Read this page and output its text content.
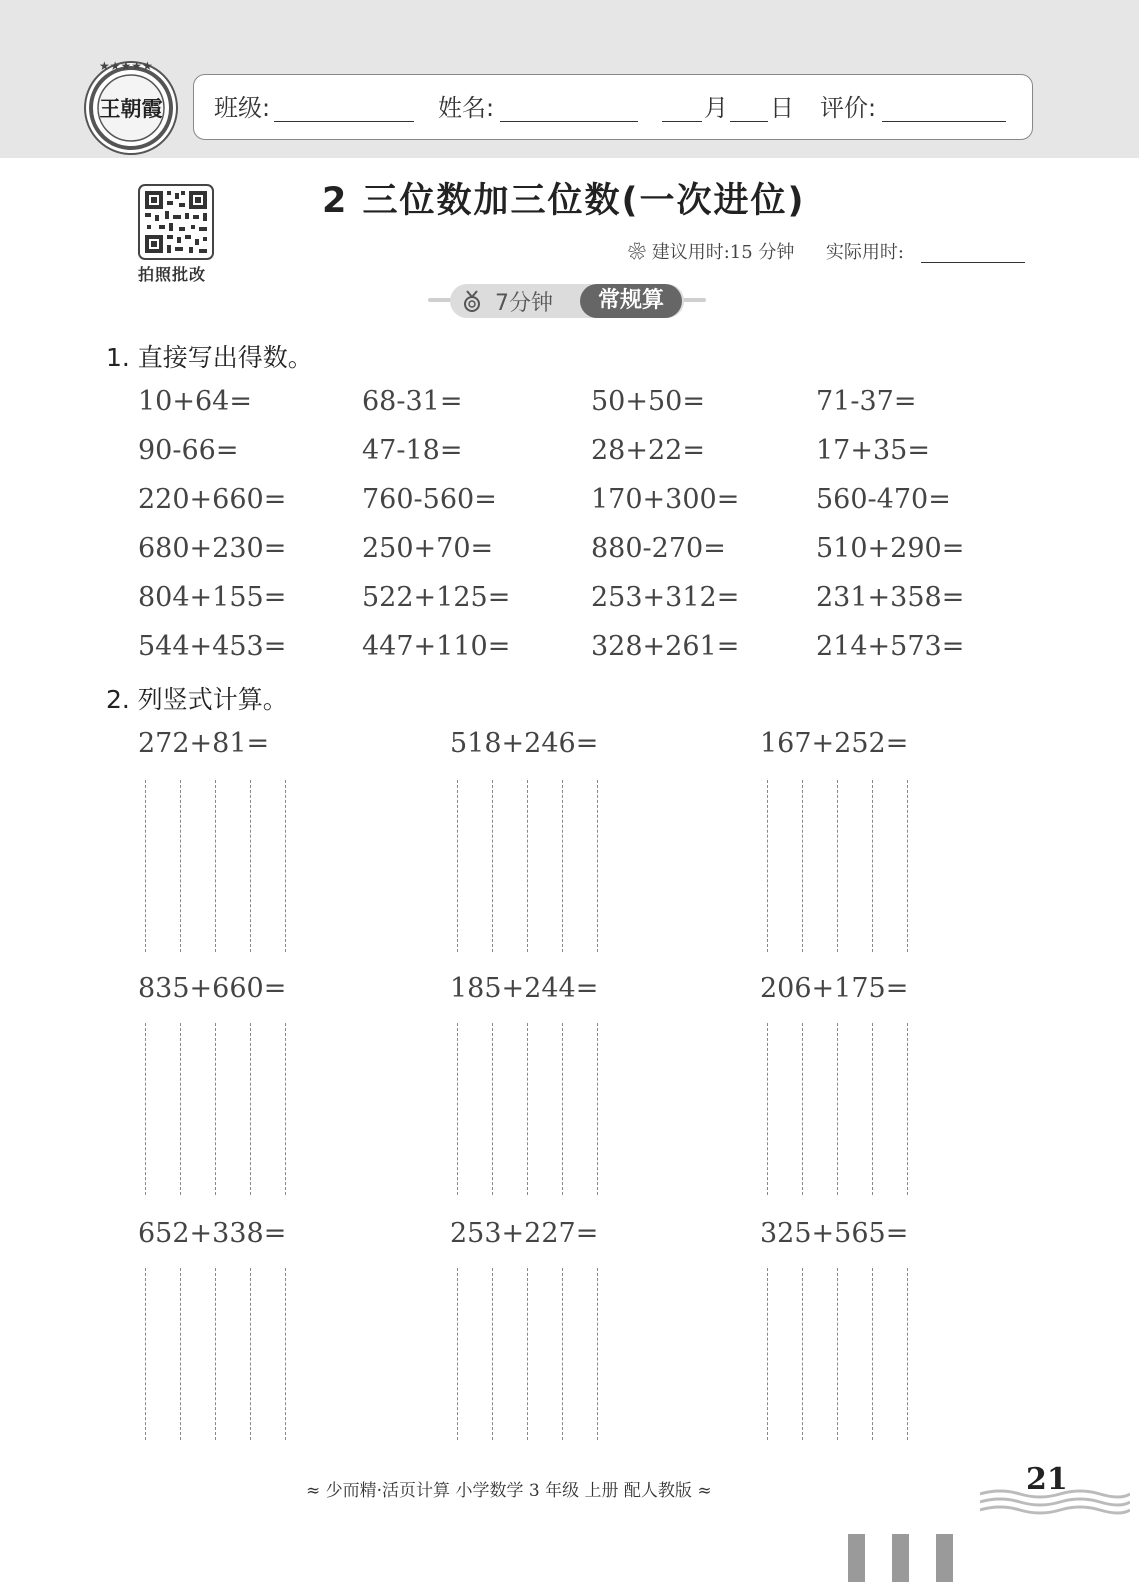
★★★★★
王朝霞 班级:	姓名:	月 日 评价:
拍照批改
2 三位数加三位数(一次进位)
❀ 建议用时:15 分钟 实际用时:
7分钟	常规算
1. 直接写出得数。
10+64=	68-31=	50+50=	71-37=
90-66=	47-18=	28+22=	17+35=
220+660=	760-560=	170+300=	560-470=
680+230=	250+70=	880-270=	510+290=
804+155=	522+125=	253+312=	231+358=
544+453=	447+110=	328+261=	214+573=
2. 列竖式计算。
272+81=	518+246=	167+252=
835+660=	185+244=	206+175=
652+338=	253+227=	325+565=
≈ 少而精·活页计算 小学数学 3 年级 上册 配人教版 ≈	21
